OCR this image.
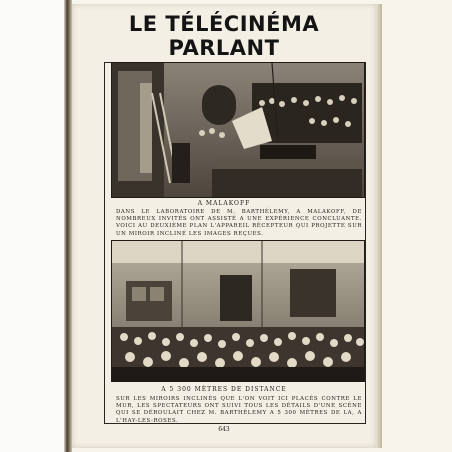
LE TÉLÉCINÉMA PARLANT
A MALAKOFF
DANS LE LABORATOIRE DE M. BARTHÉLEMY, A MALAKOFF, DE NOMBREUX INVITÉS ONT ASSISTÉ A UNE EXPÉRIENCE CONCLUANTE. VOICI AU DEUXIÈME PLAN L'APPAREIL RÉCEPTEUR QUI PROJETTE SUR UN MIROIR INCLINÉ LES IMAGES REÇUES.
A 5 300 MÈTRES DE DISTANCE
SUR LES MIROIRS INCLINÉS QUE L'ON VOIT ICI PLACÉS CONTRE LE MUR, LES SPECTATEURS ONT SUIVI TOUS LES DÉTAILS D'UNE SCÈNE QUI SE DÉROULAIT CHEZ M. BARTHÉLEMY A 5 300 MÈTRES DE LA, A L'HAY-LES-ROSES.
643
